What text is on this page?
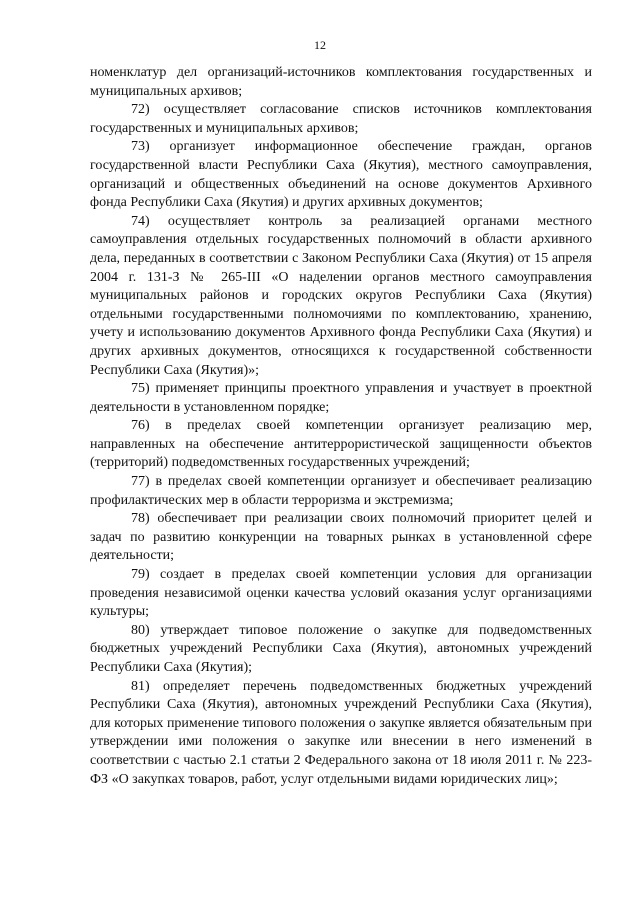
12

номенклатур дел организаций-источников комплектования государственных и муниципальных архивов;

72) осуществляет согласование списков источников комплектования государственных и муниципальных архивов;

73) организует информационное обеспечение граждан, органов государственной власти Республики Саха (Якутия), местного самоуправления, организаций и общественных объединений на основе документов Архивного фонда Республики Саха (Якутия) и других архивных документов;

74) осуществляет контроль за реализацией органами местного самоуправления отдельных государственных полномочий в области архивного дела, переданных в соответствии с Законом Республики Саха (Якутия) от 15 апреля 2004 г. 131-З № 265-III «О наделении органов местного самоуправления муниципальных районов и городских округов Республики Саха (Якутия) отдельными государственными полномочиями по комплектованию, хранению, учету и использованию документов Архивного фонда Республики Саха (Якутия) и других архивных документов, относящихся к государственной собственности Республики Саха (Якутия)»;

75) применяет принципы проектного управления и участвует в проектной деятельности в установленном порядке;

76) в пределах своей компетенции организует реализацию мер, направленных на обеспечение антитеррористической защищенности объектов (территорий) подведомственных государственных учреждений;

77) в пределах своей компетенции организует и обеспечивает реализацию профилактических мер в области терроризма и экстремизма;

78) обеспечивает при реализации своих полномочий приоритет целей и задач по развитию конкуренции на товарных рынках в установленной сфере деятельности;

79) создает в пределах своей компетенции условия для организации проведения независимой оценки качества условий оказания услуг организациями культуры;

80) утверждает типовое положение о закупке для подведомственных бюджетных учреждений Республики Саха (Якутия), автономных учреждений Республики Саха (Якутия);

81) определяет перечень подведомственных бюджетных учреждений Республики Саха (Якутия), автономных учреждений Республики Саха (Якутия), для которых применение типового положения о закупке является обязательным при утверждении ими положения о закупке или внесении в него изменений в соответствии с частью 2.1 статьи 2 Федерального закона от 18 июля 2011 г. № 223-ФЗ «О закупках товаров, работ, услуг отдельными видами юридических лиц»;
